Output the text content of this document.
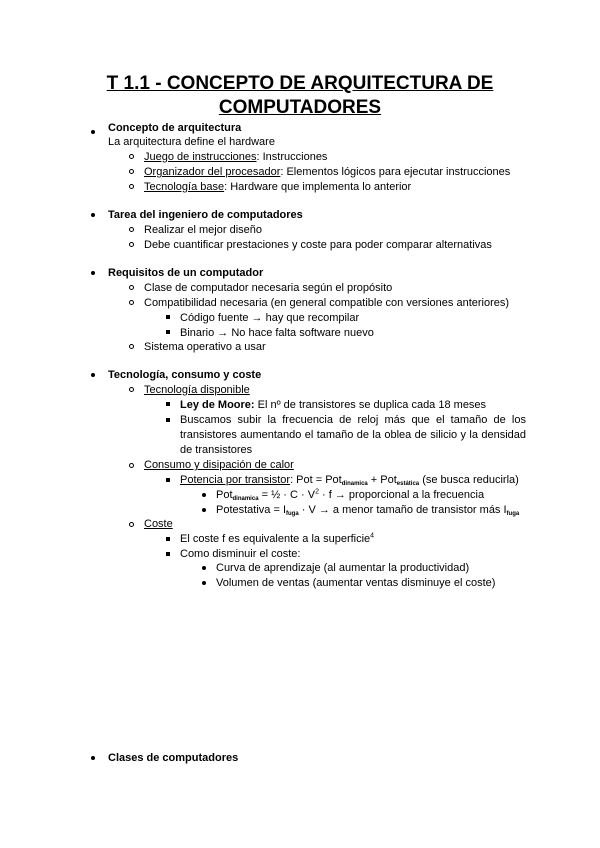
T 1.1 - CONCEPTO DE ARQUITECTURA DE
COMPUTADORES
Concepto de arquitectura
La arquitectura define el hardware
Juego de instrucciones: Instrucciones
Organizador del procesador: Elementos lógicos para ejecutar instrucciones
Tecnología base: Hardware que implementa lo anterior
Tarea del ingeniero de computadores
Realizar el mejor diseño
Debe cuantificar prestaciones y coste para poder comparar alternativas
Requisitos de un computador
Clase de computador necesaria según el propósito
Compatibilidad necesaria (en general compatible con versiones anteriores)
Código fuente → hay que recompilar
Binario → No hace falta software nuevo
Sistema operativo a usar
Tecnología, consumo y coste
Tecnología disponible
Ley de Moore: El nº de transistores se duplica cada 18 meses
Buscamos subir la frecuencia de reloj más que el tamaño de los transistores aumentando el tamaño de la oblea de silicio y la densidad de transistores
Consumo y disipación de calor
Potencia por transistor: Pot = Pot$_{dinamica}$ + Pot$_{estática}$ (se busca reducirla)
Pot$_{dinamica}$ = ½ · $C \cdot V^2 \cdot f$ → proporcional a la frecuencia
Potestativa = $I_{fuga} \cdot V \to a$ menor tamaño de transistor más $I_{fuga}$
Coste
El coste f es equivalente a la superficie$^4$
Como disminuir el coste:
Curva de aprendizaje (al aumentar la productividad)
Volumen de ventas (aumentar ventas disminuye el coste)
Clases de computadores
